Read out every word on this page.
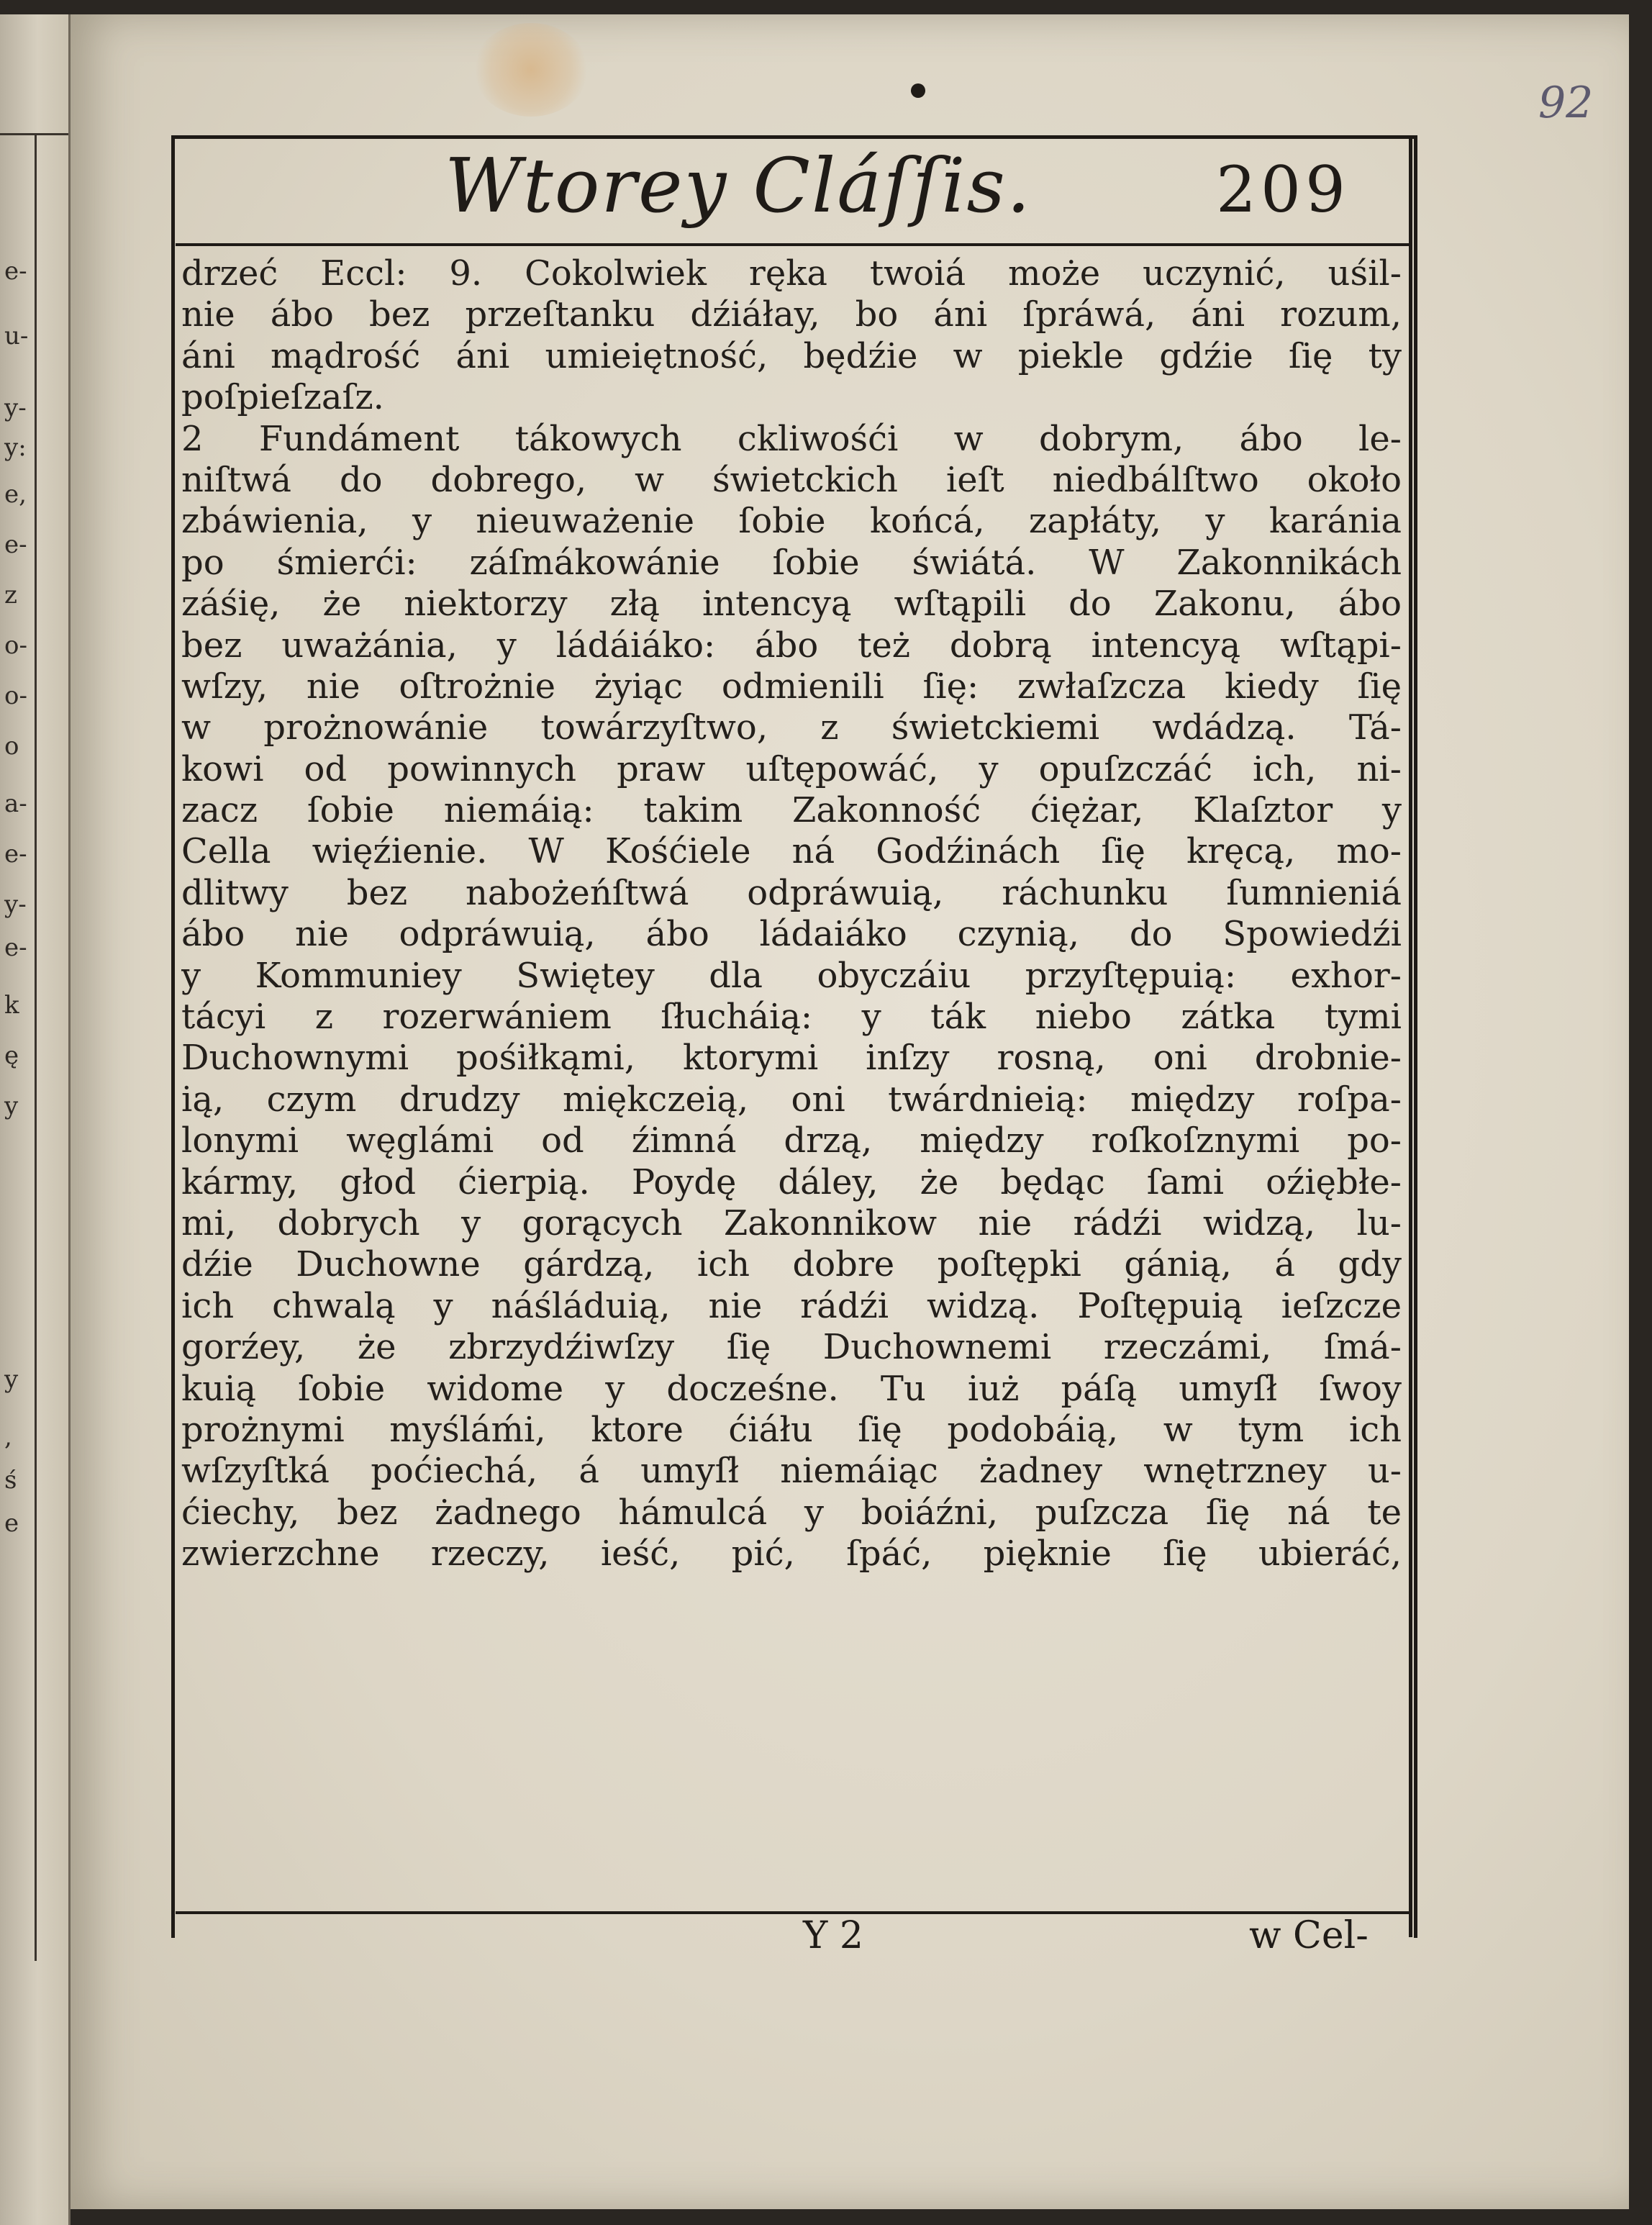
e-
u-
y-
y:
e,
e-
z
o-
o-
o
a-
e-
y-
e-
k
ę
y
y
,
ś
e
92
Wtorey Cláſſis.	209
drzeć Eccl: 9. Cokolwiek ręka twoiá może uczynić, uśil-
nie ábo bez przeſtanku dźiáłay, bo áni ſpráwá, áni rozum,
áni mądrość áni umieiętność, będźie w piekle gdźie ſię ty
poſpieſzaſz.
2 Fundáment tákowych ckliwośći w dobrym, ábo le-
niſtwá do dobrego, w świetckich ieſt niedbálſtwo około
zbáwienia, y nieuważenie ſobie końcá, zapłáty, y karánia
po śmierći: záſmákowánie ſobie świátá. W Zakonnikách
záśię, że niektorzy złą intencyą wſtąpili do Zakonu, ábo
bez uważánia, y ládáiáko: ábo też dobrą intencyą wſtąpi-
wſzy, nie oſtrożnie żyiąc odmienili ſię: zwłaſzcza kiedy ſię
w prożnowánie towárzyſtwo, z świetckiemi wdádzą. Tá-
kowi od powinnych praw uſtępowáć, y opuſzczáć ich, ni-
zacz ſobie niemáią: takim Zakonność ćiężar, Klaſztor y
Cella więźienie. W Kośćiele ná Godźinách ſię kręcą, mo-
dlitwy bez nabożeńſtwá odpráwuią, ráchunku ſumnieniá
ábo nie odpráwuią, ábo ládaiáko czynią, do Spowiedźi
y Kommuniey Swiętey dla obyczáiu przyſtępuią: exhor-
tácyi z rozerwániem ſłucháią: y ták niebo zátka tymi
Duchownymi pośiłkąmi, ktorymi inſzy rosną, oni drobnie-
ią, czym drudzy miękczeią, oni twárdnieią: między roſpa-
lonymi węglámi od źimná drzą, między roſkoſznymi po-
kármy, głod ćierpią. Poydę dáley, że będąc ſami oźiębłe-
mi, dobrych y gorących Zakonnikow nie rádźi widzą, lu-
dźie Duchowne gárdzą, ich dobre poſtępki gánią, á gdy
ich chwalą y náśláduią, nie rádźi widzą. Poſtępuią ieſzcze
gorźey, że zbrzydźiwſzy ſię Duchownemi rzeczámi, ſmá-
kuią ſobie widome y docześne. Tu iuż páſą umyſł ſwoy
prożnymi myśláḿi, ktore ćiáłu ſię podobáią, w tym ich
wſzyſtká poćiechá, á umyſł niemáiąc żadney wnętrzney u-
ćiechy, bez żadnego hámulcá y boiáźni, puſzcza ſię ná te
zwierzchne rzeczy, ieść, pić, ſpáć, pięknie ſię ubieráć,
Y 2	w Cel-
